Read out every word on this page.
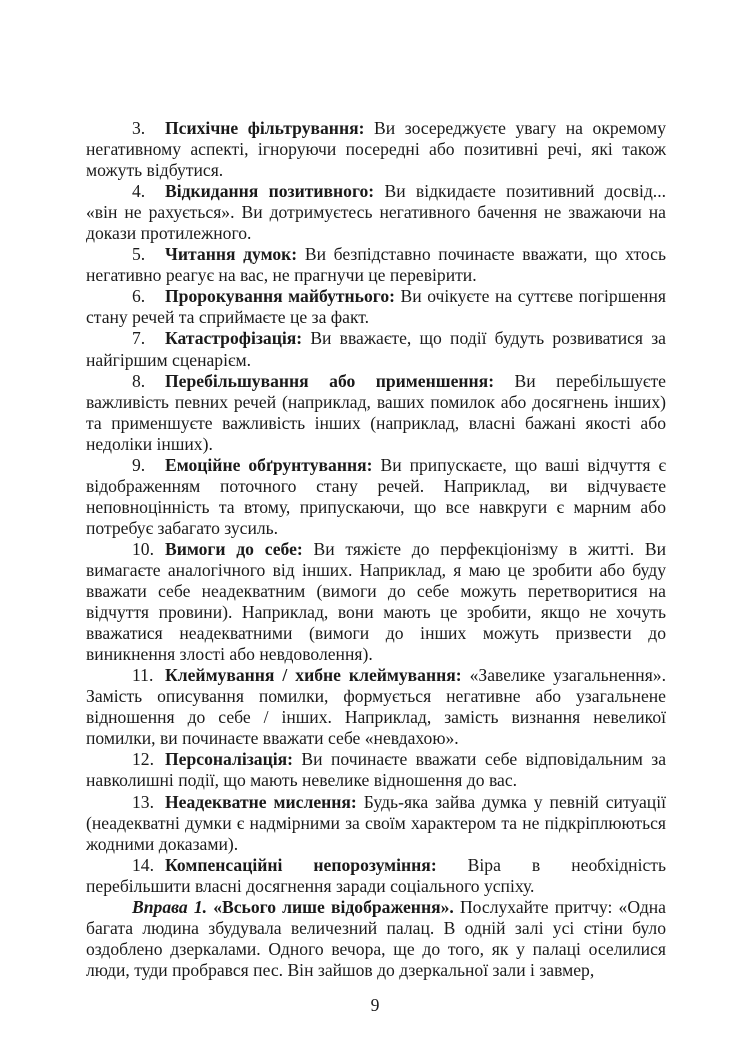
3. Психічне фільтрування: Ви зосереджуєте увагу на окремому негативному аспекті, ігноруючи посередні або позитивні речі, які також можуть відбутися.

4. Відкидання позитивного: Ви відкидаєте позитивний досвід... «він не рахується». Ви дотримуєтесь негативного бачення не зважаючи на докази протилежного.

5. Читання думок: Ви безпідставно починаєте вважати, що хтось негативно реагує на вас, не прагнучи це перевірити.

6. Пророкування майбутнього: Ви очікуєте на суттєве погіршення стану речей та сприймаєте це за факт.

7. Катастрофізація: Ви вважаєте, що події будуть розвиватися за найгіршим сценарієм.

8. Перебільшування або применшення: Ви перебільшуєте важливість певних речей (наприклад, ваших помилок або досягнень інших) та применшуєте важливість інших (наприклад, власні бажані якості або недоліки інших).

9. Емоційне обґрунтування: Ви припускаєте, що ваші відчуття є відображенням поточного стану речей. Наприклад, ви відчуваєте неповноцінність та втому, припускаючи, що все навкруги є марним або потребує забагато зусиль.

10. Вимоги до себе: Ви тяжієте до перфекціонізму в житті. Ви вимагаєте аналогічного від інших. Наприклад, я маю це зробити або буду вважати себе неадекватним (вимоги до себе можуть перетворитися на відчуття провини). Наприклад, вони мають це зробити, якщо не хочуть вважатися неадекватними (вимоги до інших можуть призвести до виникнення злості або невдоволення).

11. Клеймування / хибне клеймування: «Завелике узагальнення». Замість описування помилки, формується негативне або узагальнене відношення до себе / інших. Наприклад, замість визнання невеликої помилки, ви починаєте вважати себе «невдахою».

12. Персоналізація: Ви починаєте вважати себе відповідальним за навколишні події, що мають невелике відношення до вас.

13. Неадекватне мислення: Будь-яка зайва думка у певній ситуації (неадекватні думки є надмірними за своїм характером та не підкріплюються жодними доказами).

14. Компенсаційні непорозуміння: Віра в необхідність перебільшити власні досягнення заради соціального успіху.

Вправа 1. «Всього лише відображення». Послухайте притчу: «Одна багата людина збудувала величезний палац. В одній залі усі стіни було оздоблено дзеркалами. Одного вечора, ще до того, як у палаці оселилися люди, туди пробрався пес. Він зайшов до дзеркальної зали і завмер,

9
